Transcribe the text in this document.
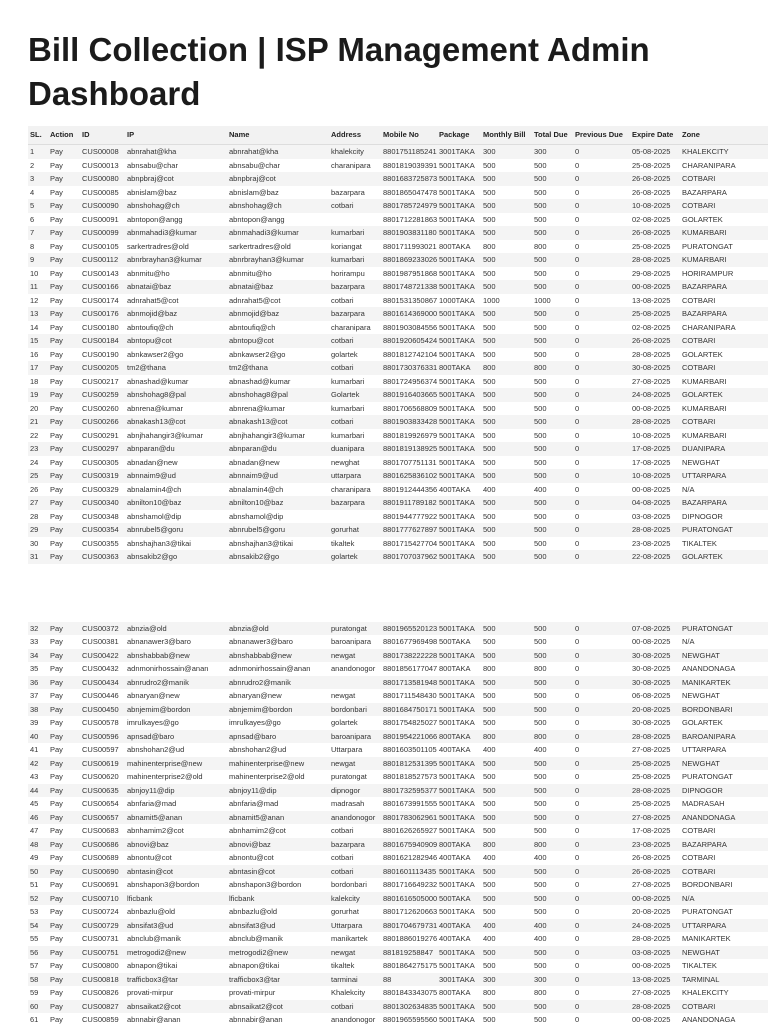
Bill Collection | ISP Management Admin Dashboard
SL.	Action	ID	IP	Name	Address	Mobile No	Package	Monthly Bill	Total Due	Previous Due	Expire Date	Zone
1	Pay	CUS00008	abnrahat@kha	abnrahat@kha	khalekcity	8801751185241	3001TAKA	300	300	0	05-08-2025	KHALEKCITY
2	Pay	CUS00013	abnsabu@char	abnsabu@char	charanipara	8801819039391	5001TAKA	500	500	0	25-08-2025	CHARANIPARA
3	Pay	CUS00080	abnpbraj@cot	abnpbraj@cot		8801683725873	5001TAKA	500	500	0	26-08-2025	COTBARI
4	Pay	CUS00085	abnislam@baz	abnislam@baz	bazarpara	8801865047478	5001TAKA	500	500	0	26-08-2025	BAZARPARA
5	Pay	CUS00090	abnshohag@ch	abnshohag@ch	cotbari	8801785724979	5001TAKA	500	500	0	10-08-2025	COTBARI
6	Pay	CUS00091	abntopon@angg	abntopon@angg		8801712281863	5001TAKA	500	500	0	02-08-2025	GOLARTEK
7	Pay	CUS00099	abnmahadi3@kumar	abnmahadi3@kumar	kumarbari	8801903831180	5001TAKA	500	500	0	26-08-2025	KUMARBARI
8	Pay	CUS00105	sarkertradres@old	sarkertradres@old	koriangat	8801711993021	800TAKA	800	800	0	25-08-2025	PURATONGAT
9	Pay	CUS00112	abnrbrayhan3@kumar	abnrbrayhan3@kumar	kumarbari	8801869233026	5001TAKA	500	500	0	28-08-2025	KUMARBARI
10	Pay	CUS00143	abnmitu@ho	abnmitu@ho	horirampu	8801987951868	5001TAKA	500	500	0	29-08-2025	HORIRAMPUR
11	Pay	CUS00166	abnatai@baz	abnatai@baz	bazarpara	8801748721338	5001TAKA	500	500	0	00-08-2025	BAZARPARA
12	Pay	CUS00174	adnrahat5@cot	adnrahat5@cot	cotbari	8801531350867	1000TAKA	1000	1000	0	13-08-2025	COTBARI
13	Pay	CUS00176	abnmojid@baz	abnmojid@baz	bazarpara	8801614369000	5001TAKA	500	500	0	25-08-2025	BAZARPARA
14	Pay	CUS00180	abntoufiq@ch	abntoufiq@ch	charanipara	8801903084556	5001TAKA	500	500	0	02-08-2025	CHARANIPARA
15	Pay	CUS00184	abntopu@cot	abntopu@cot	cotbari	8801920605424	5001TAKA	500	500	0	26-08-2025	COTBARI
16	Pay	CUS00190	abnkawser2@go	abnkawser2@go	golartek	8801812742104	5001TAKA	500	500	0	28-08-2025	GOLARTEK
17	Pay	CUS00205	tm2@thana	tm2@thana	cotbari	8801730376331	800TAKA	800	800	0	30-08-2025	COTBARI
18	Pay	CUS00217	abnashad@kumar	abnashad@kumar	kumarbari	8801724956374	5001TAKA	500	500	0	27-08-2025	KUMARBARI
19	Pay	CUS00259	abnshohag8@pal	abnshohag8@pal	Golartek	8801916403665	5001TAKA	500	500	0	24-08-2025	GOLARTEK
20	Pay	CUS00260	abnrena@kumar	abnrena@kumar	kumarbari	8801706568809	5001TAKA	500	500	0	00-08-2025	KUMARBARI
21	Pay	CUS00266	abnakash13@cot	abnakash13@cot	cotbari	8801903833428	5001TAKA	500	500	0	28-08-2025	COTBARI
22	Pay	CUS00291	abnjhahangir3@kumar	abnjhahangir3@kumar	kumarbari	8801819926979	5001TAKA	500	500	0	10-08-2025	KUMARBARI
23	Pay	CUS00297	abnparan@du	abnparan@du	duanipara	8801819138925	5001TAKA	500	500	0	17-08-2025	DUANIPARA
24	Pay	CUS00305	abnadan@new	abnadan@new	newghat	8801707751131	5001TAKA	500	500	0	17-08-2025	NEWGHAT
25	Pay	CUS00319	abnnaim9@ud	abnnaim9@ud	uttarpara	8801625836102	5001TAKA	500	500	0	10-08-2025	UTTARPARA
26	Pay	CUS00329	abnalamin4@ch	abnalamin4@ch	charanipara	8801912444356	400TAKA	400	400	0	00-08-2025	N/A
27	Pay	CUS00340	abnilton10@baz	abnilton10@baz	bazarpara	8801911789182	5001TAKA	500	500	0	04-08-2025	BAZARPARA
28	Pay	CUS00348	abnshamol@dip	abnshamol@dip		8801944777922	5001TAKA	500	500	0	03-08-2025	DIPNOGOR
29	Pay	CUS00354	abnrubel5@goru	abnrubel5@goru	gorurhat	8801777627897	5001TAKA	500	500	0	28-08-2025	PURATONGAT
30	Pay	CUS00355	abnshajhan3@tikai	abnshajhan3@tikai	tikaltek	8801715427704	5001TAKA	500	500	0	23-08-2025	TIKALTEK
31	Pay	CUS00363	abnsakib2@go	abnsakib2@go	golartek	8801707037962	5001TAKA	500	500	0	22-08-2025	GOLARTEK

32	Pay	CUS00372	abnzia@old	abnzia@old	puratongat	8801965520123	5001TAKA	500	500	0	07-08-2025	PURATONGAT
33	Pay	CUS00381	abnanawer3@baro	abnanawer3@baro	baroanipara	8801677969498	500TAKA	500	500	0	00-08-2025	N/A
34	Pay	CUS00422	abnshabbab@new	abnshabbab@new	newgat	8801738222228	5001TAKA	500	500	0	30-08-2025	NEWGHAT
35	Pay	CUS00432	adnmonirhossain@anan	adnmonirhossain@anan	anandonogor	8801856177047	800TAKA	800	800	0	30-08-2025	ANANDONAGA
36	Pay	CUS00434	abnrudro2@manik	abnrudro2@manik		8801713581948	5001TAKA	500	500	0	30-08-2025	MANIKARTEK
37	Pay	CUS00446	abnaryan@new	abnaryan@new	newgat	8801711548430	5001TAKA	500	500	0	06-08-2025	NEWGHAT
38	Pay	CUS00450	abnjemim@bordon	abnjemim@bordon	bordonbari	8801684750171	5001TAKA	500	500	0	20-08-2025	BORDONBARI
39	Pay	CUS00578	imrulkayes@go	imrulkayes@go	golartek	8801754825027	5001TAKA	500	500	0	30-08-2025	GOLARTEK
40	Pay	CUS00596	apnsad@baro	apnsad@baro	baroanipara	8801954221066	800TAKA	800	800	0	28-08-2025	BAROANIPARA
41	Pay	CUS00597	abnshohan2@ud	abnshohan2@ud	Uttarpara	8801603501105	400TAKA	400	400	0	27-08-2025	UTTARPARA
42	Pay	CUS00619	mahinenterprise@new	mahinenterprise@new	newgat	8801812531395	5001TAKA	500	500	0	25-08-2025	NEWGHAT
43	Pay	CUS00620	mahinenterprise2@old	mahinenterprise2@old	puratongat	8801818527573	5001TAKA	500	500	0	25-08-2025	PURATONGAT
44	Pay	CUS00635	abnjoy11@dip	abnjoy11@dip	dipnogor	8801732595377	5001TAKA	500	500	0	28-08-2025	DIPNOGOR
45	Pay	CUS00654	abnfaria@mad	abnfaria@mad	madrasah	8801673991555	5001TAKA	500	500	0	25-08-2025	MADRASAH
46	Pay	CUS00657	abnamit5@anan	abnamit5@anan	anandonogor	8801783062961	5001TAKA	500	500	0	27-08-2025	ANANDONAGA
47	Pay	CUS00683	abnhamim2@cot	abnhamim2@cot	cotbari	8801626265927	5001TAKA	500	500	0	17-08-2025	COTBARI
48	Pay	CUS00686	abnovi@baz	abnovi@baz	bazarpara	8801675940909	800TAKA	800	800	0	23-08-2025	BAZARPARA
49	Pay	CUS00689	abnontu@cot	abnontu@cot	cotbari	8801621282946	400TAKA	400	400	0	26-08-2025	COTBARI
50	Pay	CUS00690	abntasin@cot	abntasin@cot	cotbari	8801601113435	5001TAKA	500	500	0	26-08-2025	COTBARI
51	Pay	CUS00691	abnshapon3@bordon	abnshapon3@bordon	bordonbari	8801716649232	5001TAKA	500	500	0	27-08-2025	BORDONBARI
52	Pay	CUS00710	lficbank	lficbank	kalekcity	8801616505000	500TAKA	500	500	0	00-08-2025	N/A
53	Pay	CUS00724	abnbazlu@old	abnbazlu@old	gorurhat	8801712620663	5001TAKA	500	500	0	20-08-2025	PURATONGAT
54	Pay	CUS00729	abnsifat3@ud	abnsifat3@ud	Uttarpara	8801704679731	400TAKA	400	400	0	24-08-2025	UTTARPARA
55	Pay	CUS00731	abnclub@manik	abnclub@manik	manikartek	8801886019276	400TAKA	400	400	0	28-08-2025	MANIKARTEK
56	Pay	CUS00751	metrogodi2@new	metrogodi2@new	newgat	881819258847	5001TAKA	500	500	0	03-08-2025	NEWGHAT
57	Pay	CUS00800	abnapon@tikai	abnapon@tikai	tikaltek	8801864275175	5001TAKA	500	500	0	00-08-2025	TIKALTEK
58	Pay	CUS00818	trafficbox3@tar	trafficbox3@tar	tarminai	88	3001TAKA	300	300	0	13-08-2025	TARMINAL
59	Pay	CUS00826	provati-mirpur	provati-mirpur	Khalekcity	8801843343075	800TAKA	800	800	0	27-08-2025	KHALEKCITY
60	Pay	CUS00827	abnsaikat2@cot	abnsaikat2@cot	cotbari	8801302634835	5001TAKA	500	500	0	28-08-2025	COTBARI
61	Pay	CUS00859	abnnabir@anan	abnnabir@anan	anandonogor	8801965595560	5001TAKA	500	500	0	00-08-2025	ANANDONAGA
